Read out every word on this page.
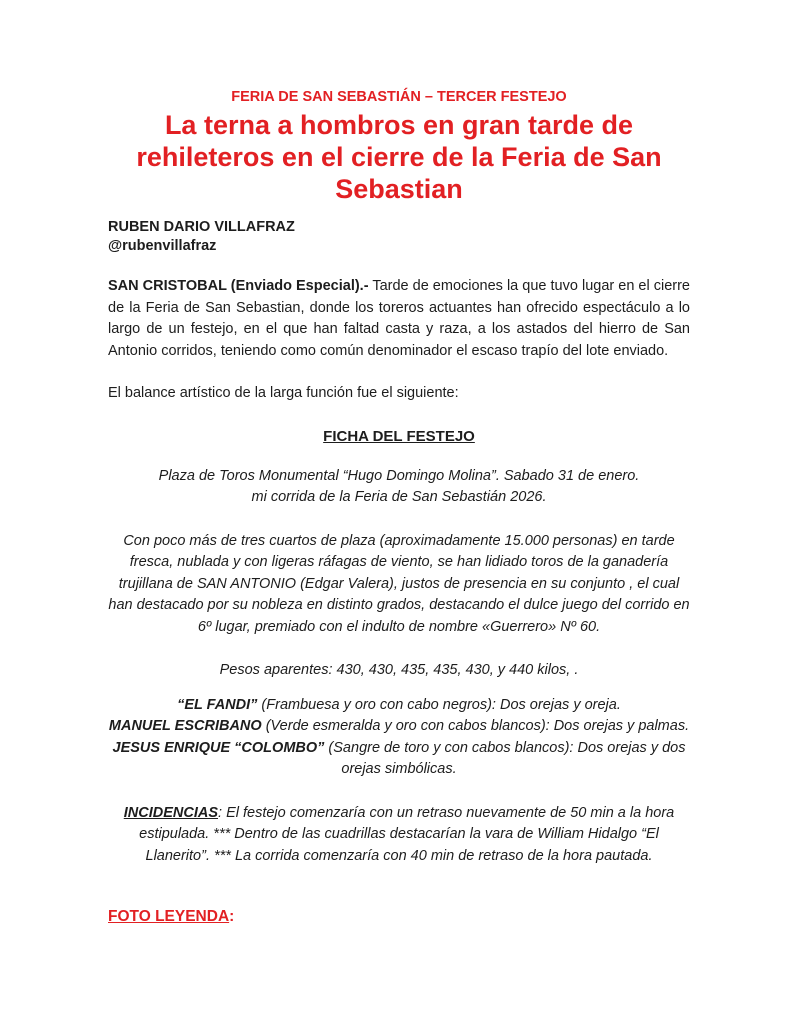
FERIA DE SAN SEBASTIÁN – TERCER FESTEJO
La terna a hombros en gran tarde de rehileteros en el cierre de la Feria de San Sebastian
RUBEN DARIO VILLAFRAZ
@rubenvillafraz

SAN CRISTOBAL (Enviado Especial).- Tarde de emociones la que tuvo lugar en el cierre de la Feria de San Sebastian, donde los toreros actuantes han ofrecido espectáculo a lo largo de un festejo, en el que han faltad casta y raza, a los astados del hierro de San Antonio corridos, teniendo como común denominador el escaso trapío del lote enviado.

El balance artístico de la larga función fue el siguiente:

FICHA DEL FESTEJO

Plaza de Toros Monumental “Hugo Domingo Molina”. Sabado 31 de enero.
mi corrida de la Feria de San Sebastián 2026.

Con poco más de tres cuartos de plaza (aproximadamente 15.000 personas) en tarde fresca, nublada y con ligeras ráfagas de viento, se han lidiado toros de la ganadería trujillana de SAN ANTONIO (Edgar Valera), justos de presencia en su conjunto , el cual han destacado por su nobleza en distinto grados, destacando el dulce juego del corrido en 6º lugar, premiado con el indulto de nombre «Guerrero» Nº 60.

Pesos aparentes: 430, 430, 435, 435, 430, y 440 kilos, .

“EL FANDI” (Frambuesa y oro con cabo negros): Dos orejas y oreja.
MANUEL ESCRIBANO (Verde esmeralda y oro con cabos blancos): Dos orejas y palmas.
JESUS ENRIQUE “COLOMBO” (Sangre de toro y con cabos blancos): Dos orejas y dos orejas simbólicas.

INCIDENCIAS: El festejo comenzaría con un retraso nuevamente de 50 min a la hora estipulada. *** Dentro de las cuadrillas destacarían la vara de William Hidalgo “El Llanerito”. *** La corrida comenzaría con 40 min de retraso de la hora pautada.

FOTO LEYENDA:
